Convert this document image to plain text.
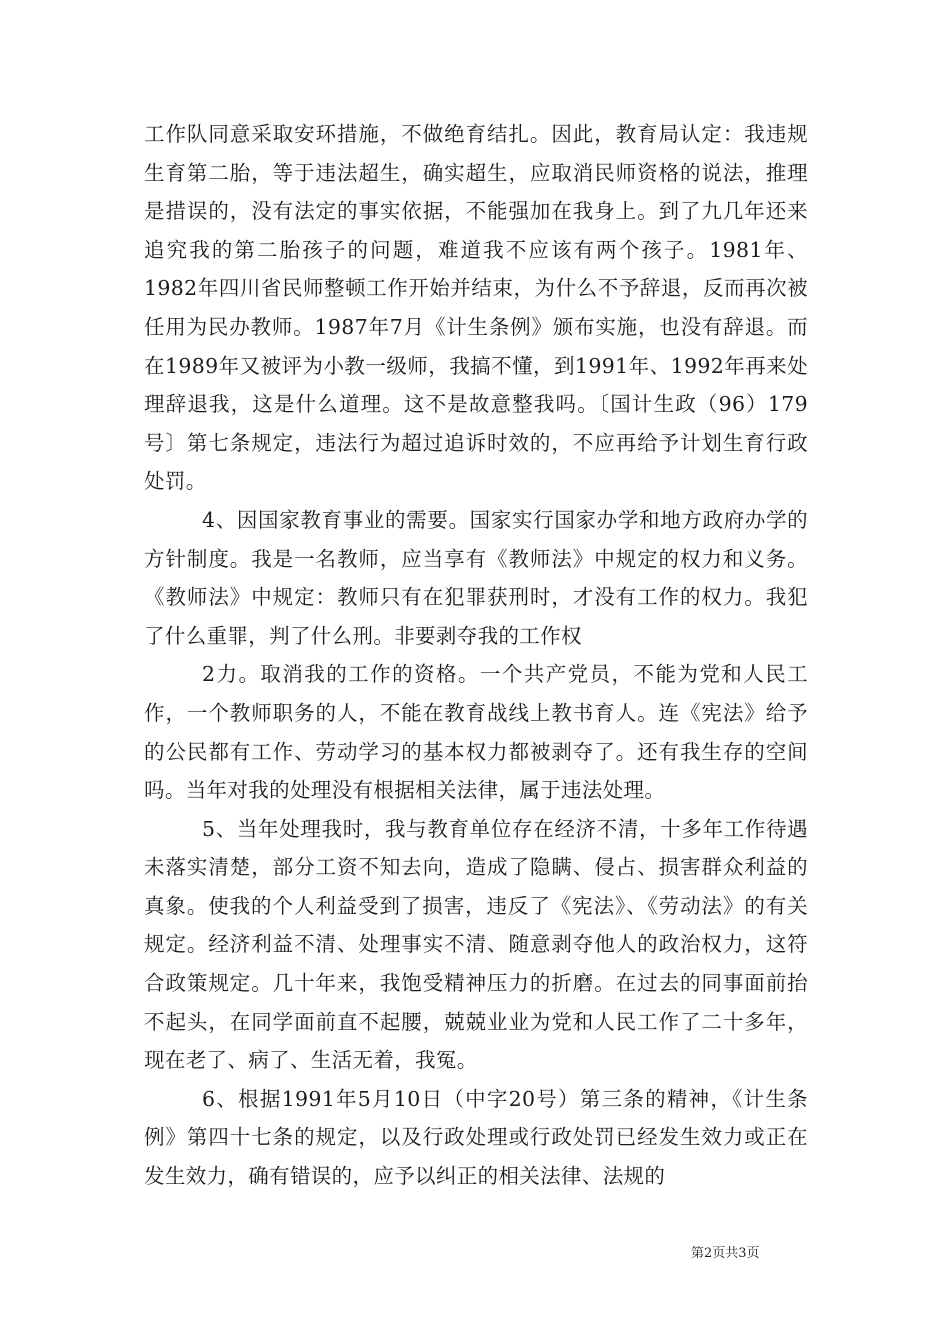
工作队同意采取安环措施，不做绝育结扎。因此，教育局认定：我违规生育第二胎，等于违法超生，确实超生，应取消民师资格的说法，推理是措误的，没有法定的事实依据，不能强加在我身上。到了九几年还来追究我的第二胎孩子的问题，难道我不应该有两个孩子。1981年、1982年四川省民师整顿工作开始并结束，为什么不予辞退，反而再次被任用为民办教师。1987年7月《计生条例》颁布实施，也没有辞退。而在1989年又被评为小教一级师，我搞不懂，到1991年、1992年再来处理辞退我，这是什么道理。这不是故意整我吗。〔国计生政（96）179号〕第七条规定，违法行为超过追诉时效的，不应再给予计划生育行政处罚。

4、因国家教育事业的需要。国家实行国家办学和地方政府办学的方针制度。我是一名教师，应当享有《教师法》中规定的权力和义务。《教师法》中规定：教师只有在犯罪获刑时，才没有工作的权力。我犯了什么重罪，判了什么刑。非要剥夺我的工作权

2力。取消我的工作的资格。一个共产党员，不能为党和人民工作，一个教师职务的人，不能在教育战线上教书育人。连《宪法》给予的公民都有工作、劳动学习的基本权力都被剥夺了。还有我生存的空间吗。当年对我的处理没有根据相关法律，属于违法处理。

5、当年处理我时，我与教育单位存在经济不清，十多年工作待遇未落实清楚，部分工资不知去向，造成了隐瞒、侵占、损害群众利益的真象。使我的个人利益受到了损害，违反了《宪法》、《劳动法》的有关规定。经济利益不清、处理事实不清、随意剥夺他人的政治权力，这符合政策规定。几十年来，我饱受精神压力的折磨。在过去的同事面前抬不起头，在同学面前直不起腰，兢兢业业为党和人民工作了二十多年，现在老了、病了、生活无着，我冤。

6、根据1991年5月10日（中字20号）第三条的精神，《计生条例》第四十七条的规定，以及行政处理或行政处罚已经发生效力或正在发生效力，确有错误的，应予以纠正的相关法律、法规的

第2页共3页
